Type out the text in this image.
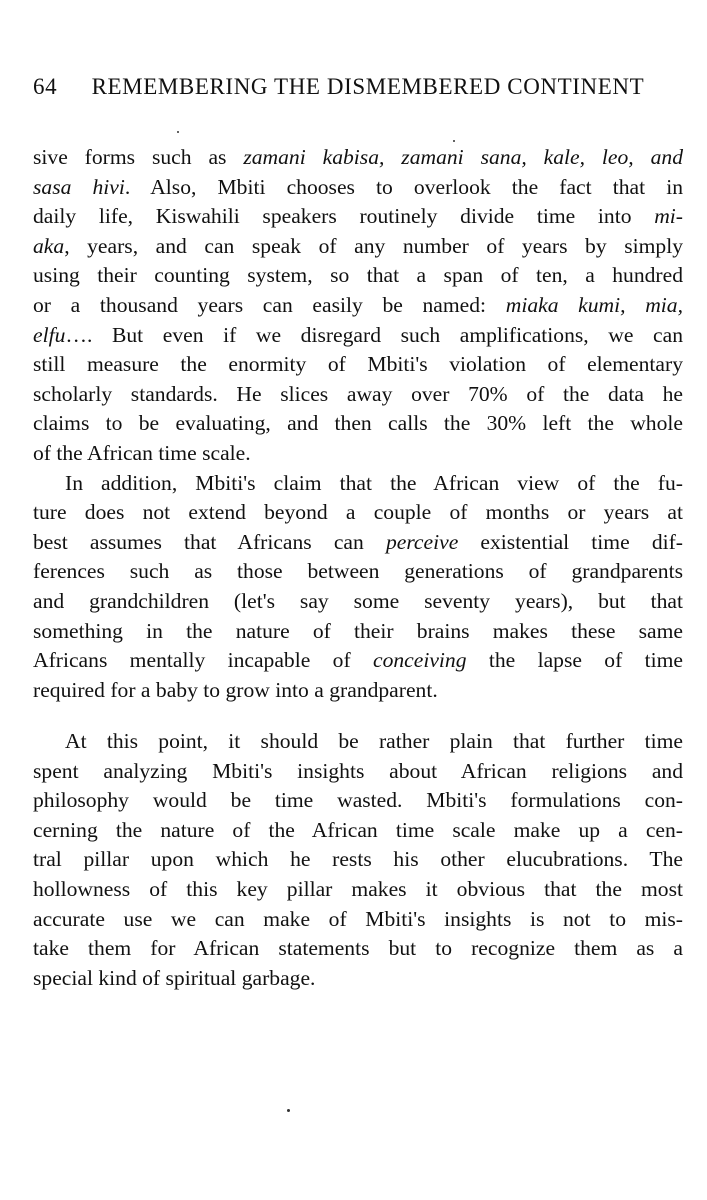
64 REMEMBERING THE DISMEMBERED CONTINENT

sive forms such as zamani kabisa, zamani sana, kale, leo, and
sasa hivi. Also, Mbiti chooses to overlook the fact that in
daily life, Kiswahili speakers routinely divide time into mi-
aka, years, and can speak of any number of years by simply
using their counting system, so that a span of ten, a hundred
or a thousand years can easily be named: miaka kumi, mia,
elfu…. But even if we disregard such amplifications, we can
still measure the enormity of Mbiti's violation of elementary
scholarly standards. He slices away over 70% of the data he
claims to be evaluating, and then calls the 30% left the whole
of the African time scale.

In addition, Mbiti's claim that the African view of the fu-
ture does not extend beyond a couple of months or years at
best assumes that Africans can perceive existential time dif-
ferences such as those between generations of grandparents
and grandchildren (let's say some seventy years), but that
something in the nature of their brains makes these same
Africans mentally incapable of conceiving the lapse of time
required for a baby to grow into a grandparent.

At this point, it should be rather plain that further time
spent analyzing Mbiti's insights about African religions and
philosophy would be time wasted. Mbiti's formulations con-
cerning the nature of the African time scale make up a cen-
tral pillar upon which he rests his other elucubrations. The
hollowness of this key pillar makes it obvious that the most
accurate use we can make of Mbiti's insights is not to mis-
take them for African statements but to recognize them as a
special kind of spiritual garbage.
